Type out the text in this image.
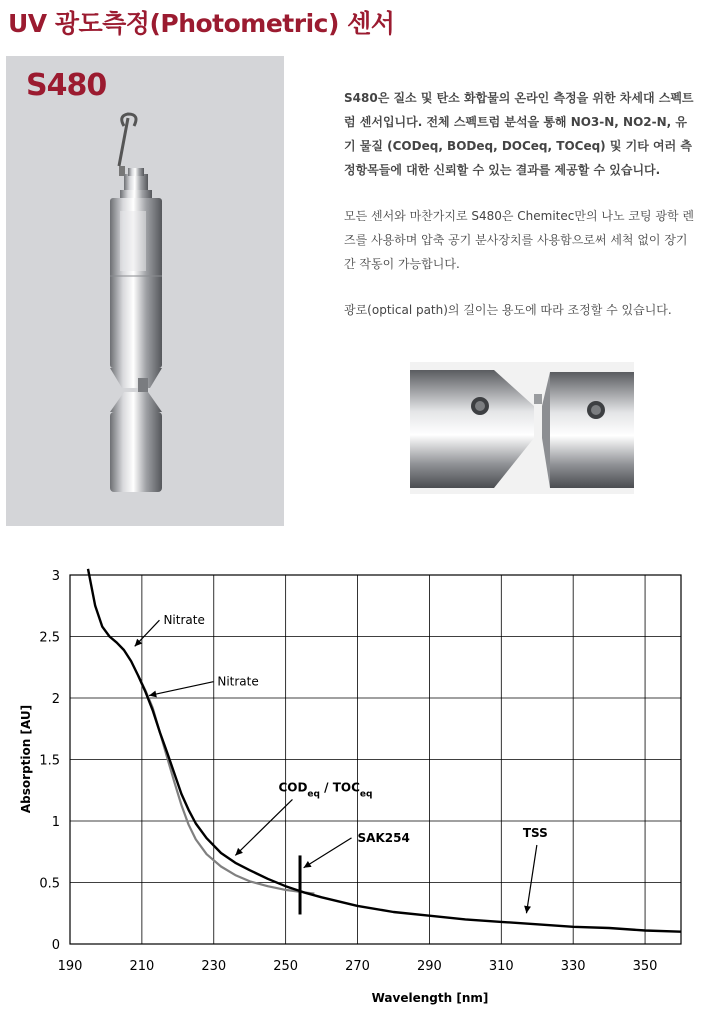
UV 광도측정(Photometric) 센서
S480	S480은 질소 및 탄소 화합물의 온라인 측정을 위한 차세대 스펙트럼 센서입니다. 전체 스펙트럼 분석을 통해 NO3-N, NO2-N, 유기 물질 (CODeq, BODeq, DOCeq, TOCeq) 및 기타 여러 측정항목들에 대한 신뢰할 수 있는 결과를 제공할 수 있습니다.

모든 센서와 마찬가지로 S480은 Chemitec만의 나노 코팅 광학 렌즈를 사용하며 압축 공기 분사장치를 사용함으로써 세척 없이 장기간 작동이 가능합니다.

광로(optical path)의 길이는 용도에 따라 조정할 수 있습니다.

190	210	230	250	270	290	310	330	350
0
0.5
1
1.5
2
2.5
3
Nitrate
Nitrate
$COD_{eq} / TOC_{eq}$
SAK254	TSS
Wavelength [nm]
Absorption [AU]
